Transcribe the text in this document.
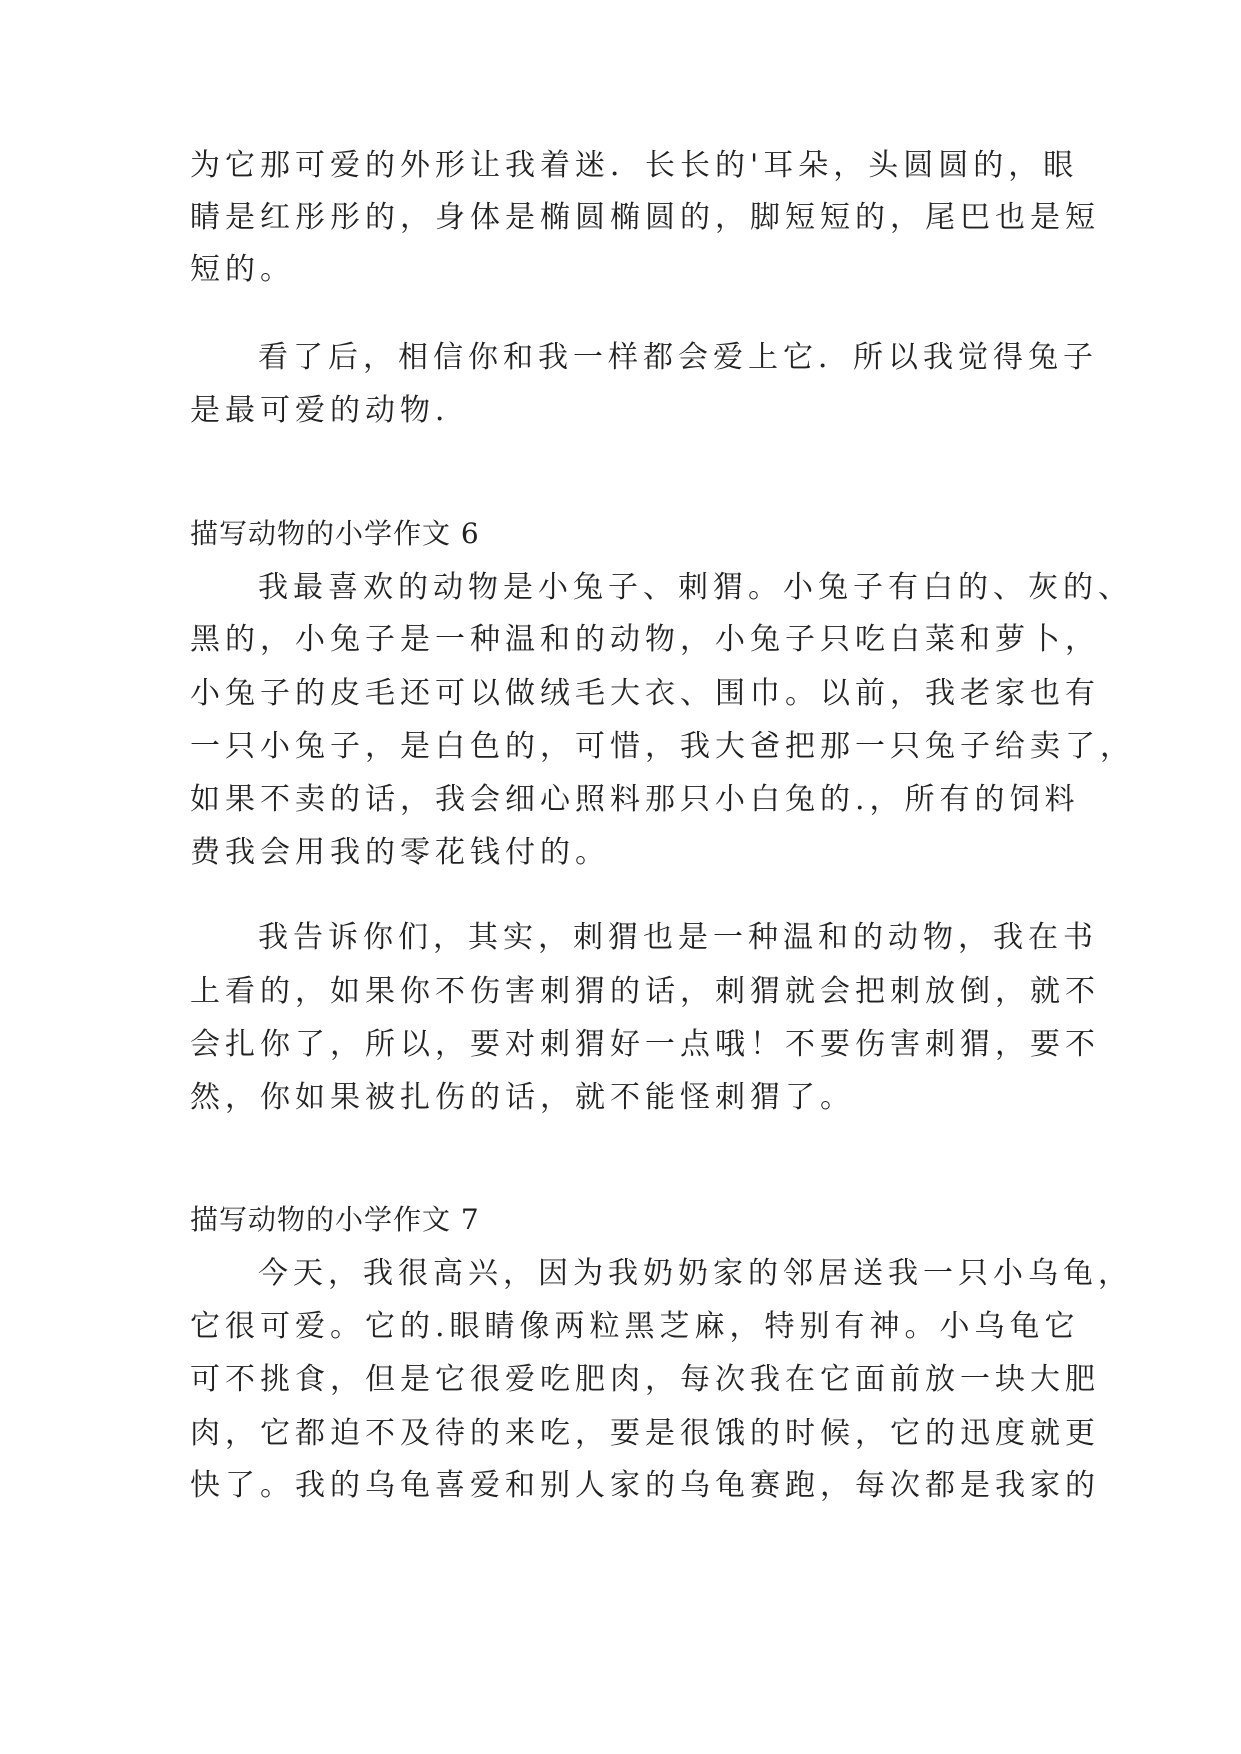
为它那可爱的外形让我着迷．长长的'耳朵，头圆圆的，眼
睛是红彤彤的，身体是椭圆椭圆的，脚短短的，尾巴也是短
短的。
看了后，相信你和我一样都会爱上它．所以我觉得兔子
是最可爱的动物．
描写动物的小学作文 6
我最喜欢的动物是小兔子、刺猬。小兔子有白的、灰的、
黑的，小兔子是一种温和的动物，小兔子只吃白菜和萝卜，
小兔子的皮毛还可以做绒毛大衣、围巾。以前，我老家也有
一只小兔子，是白色的，可惜，我大爸把那一只兔子给卖了，
如果不卖的话，我会细心照料那只小白兔的.，所有的饲料
费我会用我的零花钱付的。
我告诉你们，其实，刺猬也是一种温和的动物，我在书
上看的，如果你不伤害刺猬的话，刺猬就会把刺放倒，就不
会扎你了，所以，要对刺猬好一点哦！不要伤害刺猬，要不
然，你如果被扎伤的话，就不能怪刺猬了。
描写动物的小学作文 7
今天，我很高兴，因为我奶奶家的邻居送我一只小乌龟，
它很可爱。它的.眼睛像两粒黑芝麻，特别有神。小乌龟它
可不挑食，但是它很爱吃肥肉，每次我在它面前放一块大肥
肉，它都迫不及待的来吃，要是很饿的时候，它的迅度就更
快了。我的乌龟喜爱和别人家的乌龟赛跑，每次都是我家的
